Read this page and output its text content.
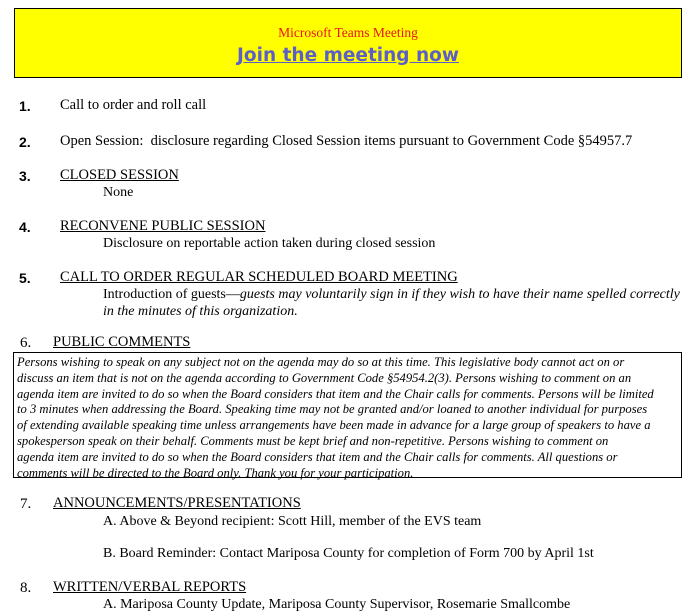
Microsoft Teams Meeting
Join the meeting now
1. Call to order and roll call
2. Open Session:  disclosure regarding Closed Session items pursuant to Government Code §54957.7
3. CLOSED SESSION
None
4. RECONVENE PUBLIC SESSION
Disclosure on reportable action taken during closed session
5. CALL TO ORDER REGULAR SCHEDULED BOARD MEETING
Introduction of guests—guests may voluntarily sign in if they wish to have their name spelled correctly
in the minutes of this organization.
6. PUBLIC COMMENTS
Persons wishing to speak on any subject not on the agenda may do so at this time. This legislative body cannot act on or
discuss an item that is not on the agenda according to Government Code §54954.2(3). Persons wishing to comment on an
agenda item are invited to do so when the Board considers that item and the Chair calls for comments. Persons will be limited
to 3 minutes when addressing the Board. Speaking time may not be granted and/or loaned to another individual for purposes
of extending available speaking time unless arrangements have been made in advance for a large group of speakers to have a
spokesperson speak on their behalf. Comments must be kept brief and non-repetitive. Persons wishing to comment on
agenda item are invited to do so when the Board considers that item and the Chair calls for comments. All questions or
comments will be directed to the Board only. Thank you for your participation.
7. ANNOUNCEMENTS/PRESENTATIONS
A. Above & Beyond recipient: Scott Hill, member of the EVS team
B. Board Reminder: Contact Mariposa County for completion of Form 700 by April 1st
8. WRITTEN/VERBAL REPORTS
A. Mariposa County Update, Mariposa County Supervisor, Rosemarie Smallcombe
